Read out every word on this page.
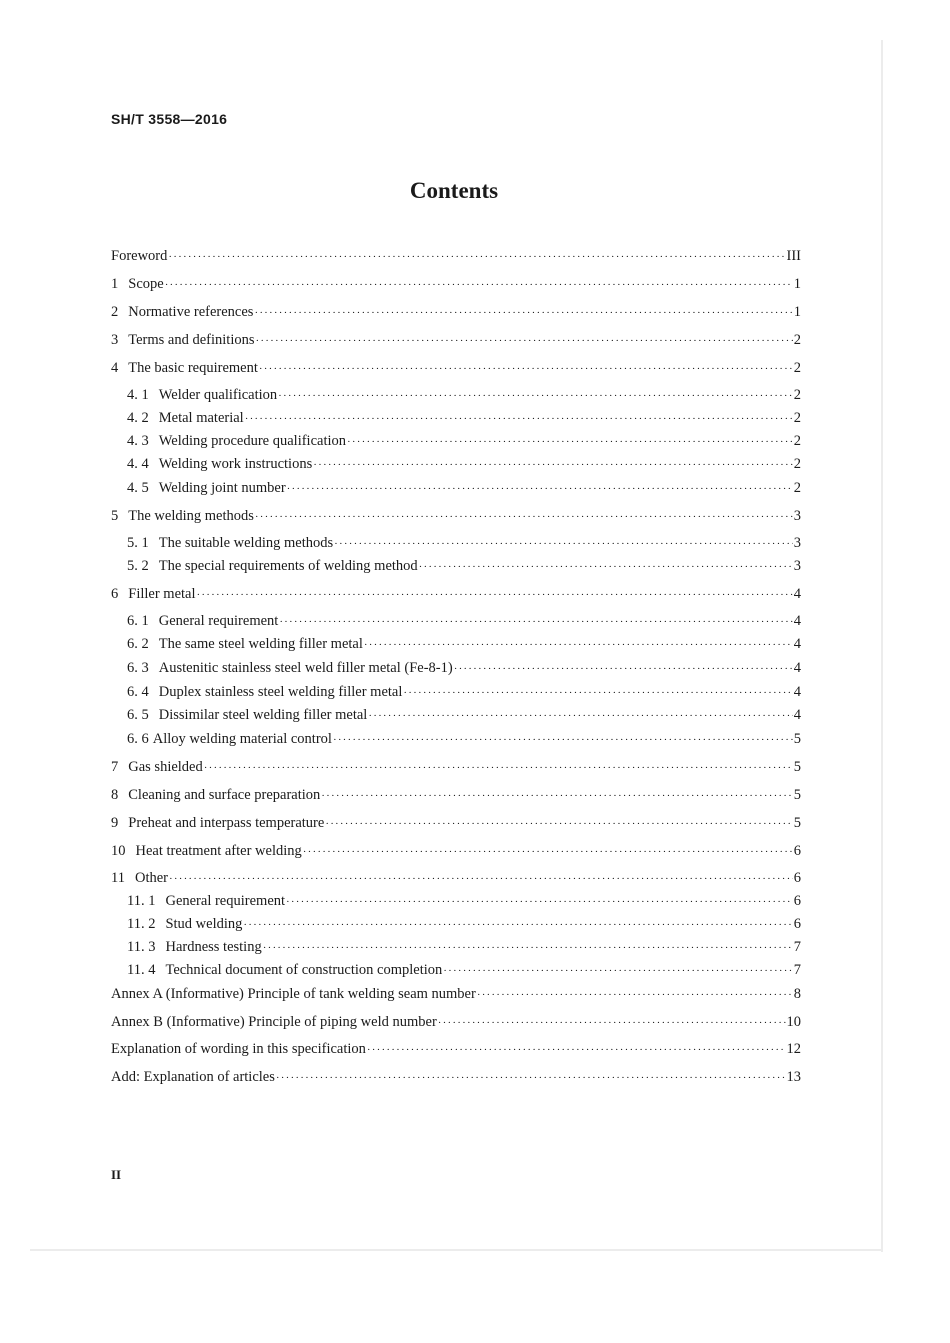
SH/T 3558—2016
Contents
Foreword ·····	III
1 Scope ·····	1
2 Normative references ·····	1
3 Terms and definitions ·····	2
4 The basic requirement ·····	2
4. 1 Welder qualification ·····	2
4. 2 Metal material ·····	2
4. 3 Welding procedure qualification ·····	2
4. 4 Welding work instructions ·····	2
4. 5 Welding joint number ·····	2
5 The welding methods ·····	3
5. 1 The suitable welding methods ·····	3
5. 2 The special requirements of welding method ·····	3
6 Filler metal ·····	4
6. 1 General requirement ·····	4
6. 2 The same steel welding filler metal ·····	4
6. 3 Austenitic stainless steel weld filler metal (Fe-8-1) ·····	4
6. 4 Duplex stainless steel welding filler metal ·····	4
6. 5 Dissimilar steel welding filler metal ·····	4
6. 6 Alloy welding material control ·····	5
7 Gas shielded ·····	5
8 Cleaning and surface preparation ·····	5
9 Preheat and interpass temperature ·····	5
10 Heat treatment after welding ·····	6
11 Other ·····	6
11. 1 General requirement ·····	6
11. 2 Stud welding ·····	6
11. 3 Hardness testing ·····	7
11. 4 Technical document of construction completion ·····	7
Annex A (Informative) Principle of tank welding seam number ·····	8
Annex B (Informative) Principle of piping weld number ·····	10
Explanation of wording in this specification ·····	12
Add: Explanation of articles ·····	13
II
